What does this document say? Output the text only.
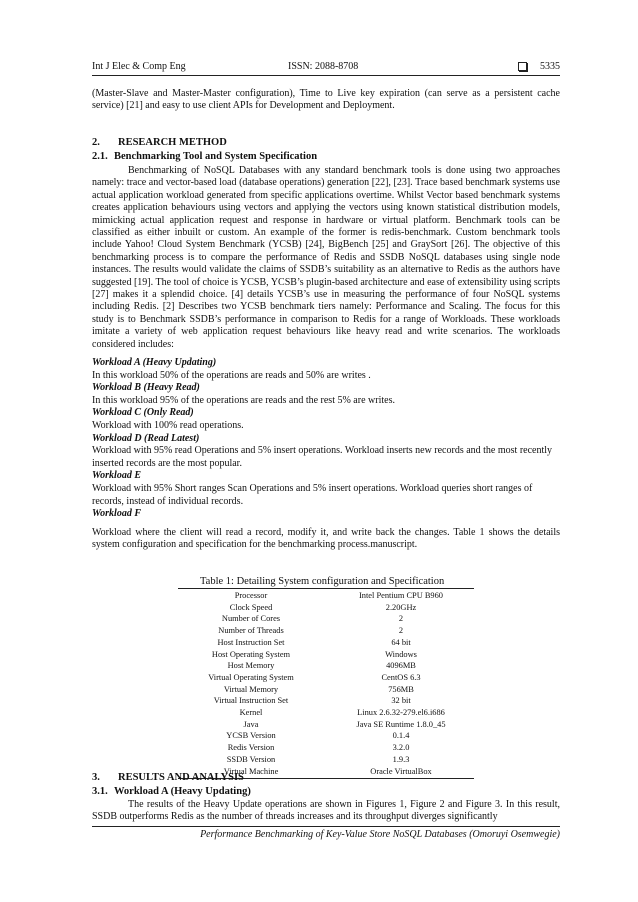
Int J Elec & Comp Eng	ISSN: 2088-8708	5335

(Master-Slave and Master-Master configuration), Time to Live key expiration (can serve as a persistent cache service) [21] and easy to use client APIs for Development and Deployment.

2. RESEARCH METHOD
2.1. Benchmarking Tool and System Specification

Benchmarking of NoSQL Databases with any standard benchmark tools is done using two approaches namely: trace and vector-based load (database operations) generation [22], [23]. Trace based benchmark systems use actual application workload generated from specific applications overtime. Whilst Vector based benchmark systems creates application behaviours using vectors and applying the vectors using known statistical distribution models, mimicking actual application request and response in hardware or virtual platform. Benchmark tools can be classified as either inbuilt or custom. An example of the former is redis-benchmark. Custom benchmark tools include Yahoo! Cloud System Benchmark (YCSB) [24], BigBench [25] and GraySort [26]. The objective of this benchmarking process is to compare the performance of Redis and SSDB NoSQL databases using single node instances. The results would validate the claims of SSDB’s suitability as an alternative to Redis as the authors have suggested [19]. The tool of choice is YCSB, YCSB’s plugin-based architecture and ease of extensibility using scripts [27] makes it a splendid choice. [4] details YCSB’s use in measuring the performance of four NoSQL systems including Redis. [2] Describes two YCSB benchmark tiers namely: Performance and Scaling. The focus for this study is to Benchmark SSDB’s performance in comparison to Redis for a range of Workloads. These workloads imitate a variety of web application request behaviours like heavy read and write scenarios. The workloads considered includes:

Workload A (Heavy Updating)
In this workload 50% of the operations are reads and 50% are writes .
Workload B (Heavy Read)
In this workload 95% of the operations are reads and the rest 5% are writes.
Workload C (Only Read)
Workload with 100% read operations.
Workload D (Read Latest)
Workload with 95% read Operations and 5% insert operations. Workload inserts new records and the most recently inserted records are the most popular.
Workload E
Workload with 95% Short ranges Scan Operations and 5% insert operations. Workload queries short ranges of records, instead of individual records.
Workload F

Workload where the client will read a record, modify it, and write back the changes. Table 1 shows the details system configuration and specification for the benchmarking process.manuscript.

Table 1: Detailing System configuration and Specification
Processor	Intel Pentium CPU B960
Clock Speed	2.20GHz
Number of Cores	2
Number of Threads	2
Host Instruction Set	64 bit
Host Operating System	Windows
Host Memory	4096MB
Virtual Operating System	CentOS 6.3
Virtual Memory	756MB
Virtual Instruction Set	32 bit
Kernel	Linux 2.6.32-279.el6.i686
Java	Java SE Runtime 1.8.0_45
YCSB Version	0.1.4
Redis Version	3.2.0
SSDB Version	1.9.3
Virtual Machine	Oracle VirtualBox
3. RESULTS AND ANALYSIS
3.1. Workload A (Heavy Updating)

The results of the Heavy Update operations are shown in Figures 1, Figure 2 and Figure 3. In this result, SSDB outperforms Redis as the number of threads increases and its throughput diverges significantly

Performance Benchmarking of Key-Value Store NoSQL Databases (Omoruyi Osemwegie)
